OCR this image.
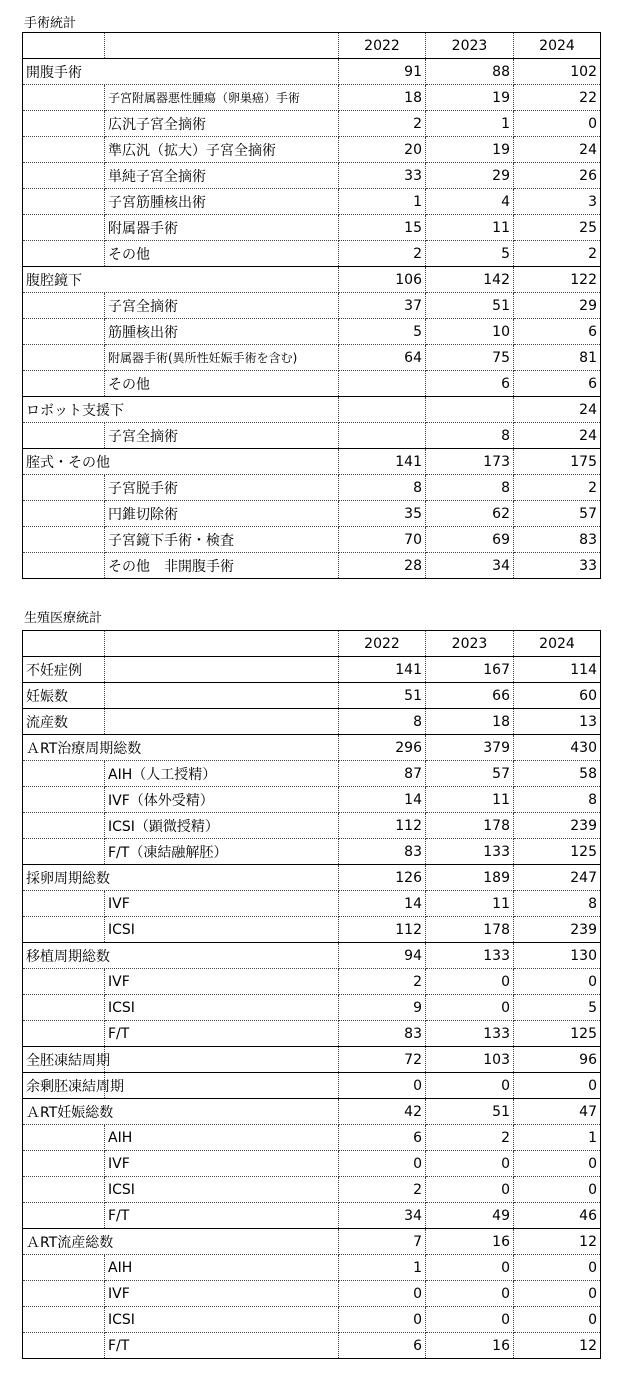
手術統計
		2022	2023	2024
開腹手術		91	88	102
	子宮附属器悪性腫瘍（卵巣癌）手術	18	19	22
	広汎子宮全摘術	2	1	0
	準広汎（拡大）子宮全摘術	20	19	24
	単純子宮全摘術	33	29	26
	子宮筋腫核出術	1	4	3
	附属器手術	15	11	25
	その他	2	5	2
腹腔鏡下		106	142	122
	子宮全摘術	37	51	29
	筋腫核出術	5	10	6
	附属器手術(異所性妊娠手術を含む)	64	75	81
	その他		6	6
ロボット支援下				24
	子宮全摘術		8	24
腟式・その他		141	173	175
	子宮脱手術	8	8	2
	円錐切除術	35	62	57
	子宮鏡下手術・検査	70	69	83
	その他　非開腹手術	28	34	33
生殖医療統計
		2022	2023	2024
不妊症例		141	167	114
妊娠数		51	66	60
流産数		8	18	13
ＡRT治療周期総数		296	379	430
	AIH（人工授精）	87	57	58
	IVF（体外受精）	14	11	8
	ICSI（顕微授精）	112	178	239
	F/T（凍結融解胚）	83	133	125
採卵周期総数		126	189	247
	IVF	14	11	8
	ICSI	112	178	239
移植周期総数		94	133	130
	IVF	2	0	0
	ICSI	9	0	5
	F/T	83	133	125
全胚凍結周期		72	103	96
余剰胚凍結周期		0	0	0
ＡRT妊娠総数		42	51	47
	AIH	6	2	1
	IVF	0	0	0
	ICSI	2	0	0
	F/T	34	49	46
ＡRT流産総数		7	16	12
	AIH	1	0	0
	IVF	0	0	0
	ICSI	0	0	0
	F/T	6	16	12
